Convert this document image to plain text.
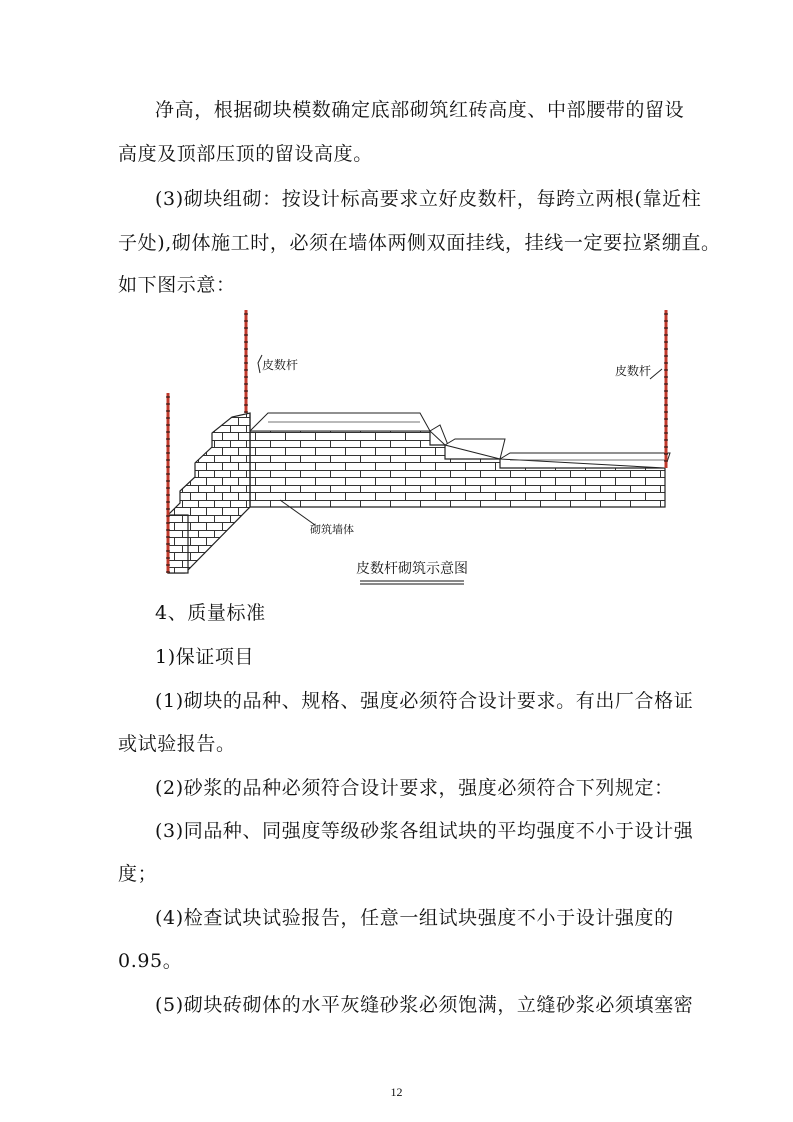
净高，根据砌块模数确定底部砌筑红砖高度、中部腰带的留设
高度及顶部压顶的留设高度。
(3)砌块组砌：按设计标高要求立好皮数杆，每跨立两根(靠近柱
子处),砌体施工时，必须在墙体两侧双面挂线，挂线一定要拉紧绷直。
如下图示意：
皮数杆	皮数杆
砌筑墙体
皮数杆砌筑示意图
4、质量标准
1)保证项目
(1)砌块的品种、规格、强度必须符合设计要求。有出厂合格证
或试验报告。
(2)砂浆的品种必须符合设计要求，强度必须符合下列规定：
(3)同品种、同强度等级砂浆各组试块的平均强度不小于设计强
度；
(4)检查试块试验报告，任意一组试块强度不小于设计强度的
0.95。
(5)砌块砖砌体的水平灰缝砂浆必须饱满，立缝砂浆必须填塞密
12
